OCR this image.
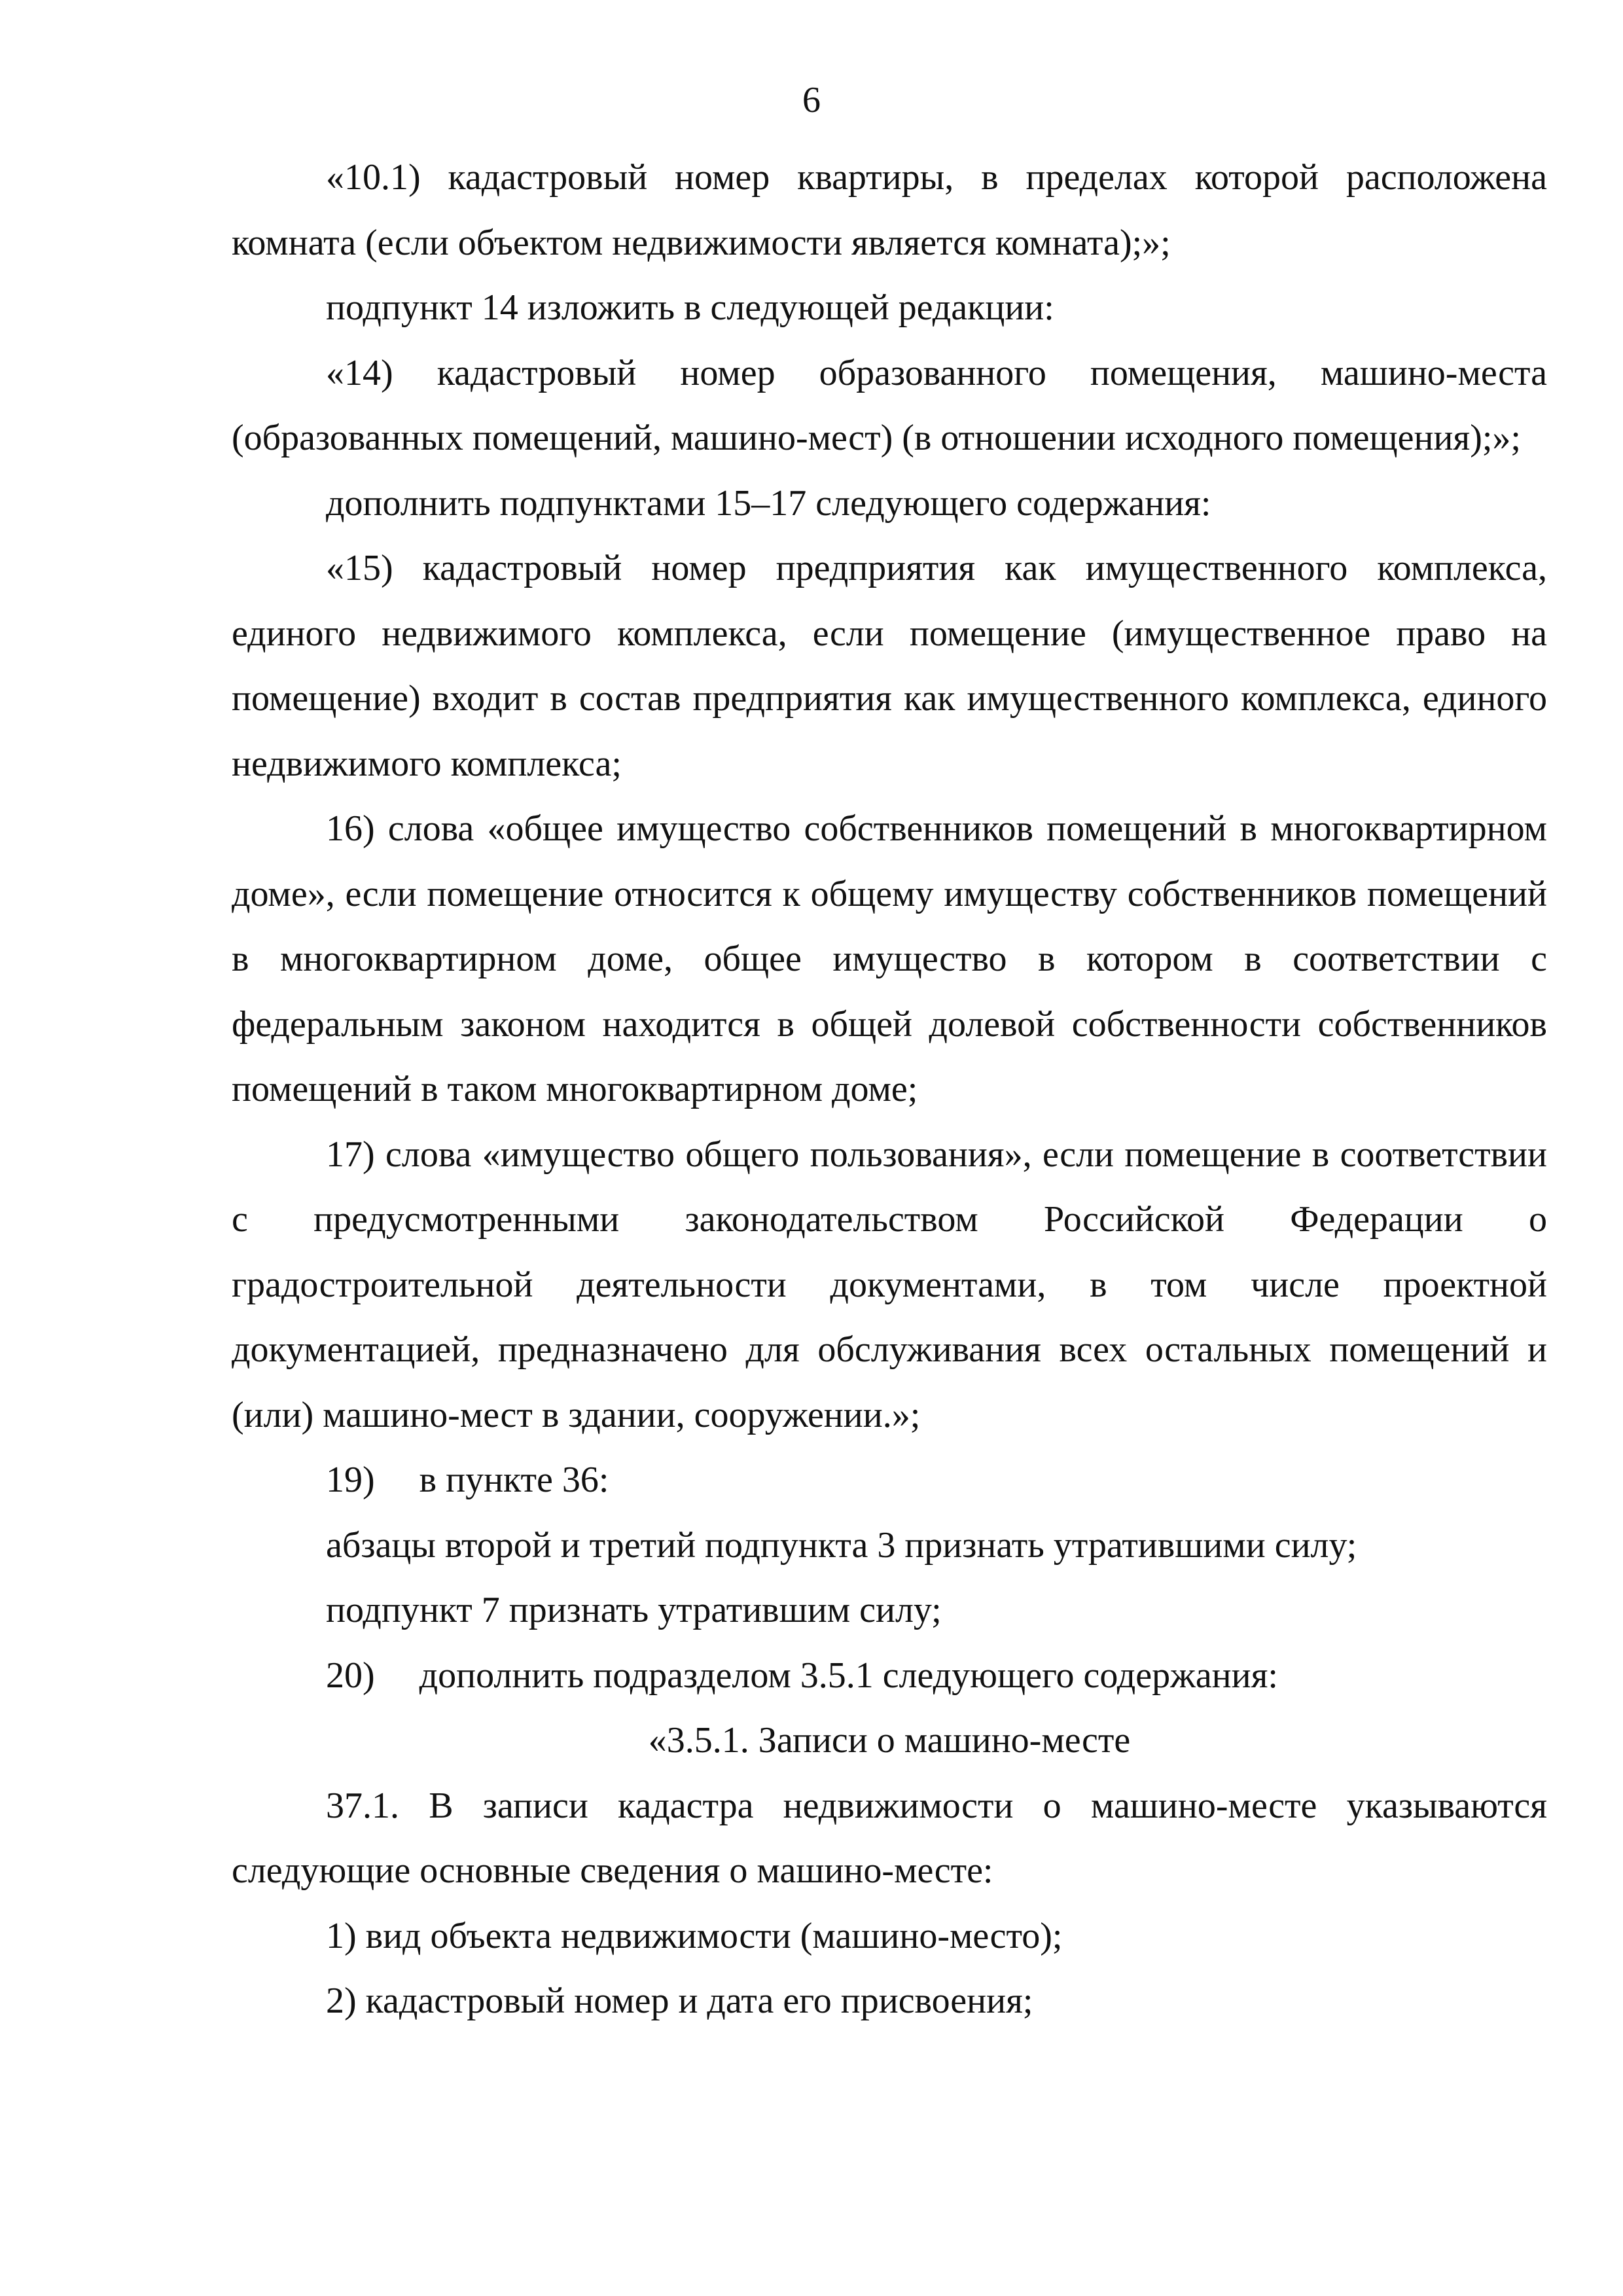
6

«10.1) кадастровый номер квартиры, в пределах которой расположена комната (если объектом недвижимости является комната);»;

подпункт 14 изложить в следующей редакции:

«14) кадастровый номер образованного помещения, машино-места (образованных помещений, машино-мест) (в отношении исходного помещения);»;

дополнить подпунктами 15–17 следующего содержания:

«15) кадастровый номер предприятия как имущественного комплекса, единого недвижимого комплекса, если помещение (имущественное право на помещение) входит в состав предприятия как имущественного комплекса, единого недвижимого комплекса;

16) слова «общее имущество собственников помещений в многоквартирном доме», если помещение относится к общему имуществу собственников помещений в многоквартирном доме, общее имущество в котором в соответствии с федеральным законом находится в общей долевой собственности собственников помещений в таком многоквартирном доме;

17) слова «имущество общего пользования», если помещение в соответствии с предусмотренными законодательством Российской Федерации о градостроительной деятельности документами, в том числе проектной документацией, предназначено для обслуживания всех остальных помещений и (или) машино-мест в здании, сооружении.»;

19) в пункте 36:

абзацы второй и третий подпункта 3 признать утратившими силу;

подпункт 7 признать утратившим силу;

20) дополнить подразделом 3.5.1 следующего содержания:

«3.5.1. Записи о машино-месте

37.1. В записи кадастра недвижимости о машино-месте указываются следующие основные сведения о машино-месте:

1) вид объекта недвижимости (машино-место);

2) кадастровый номер и дата его присвоения;
